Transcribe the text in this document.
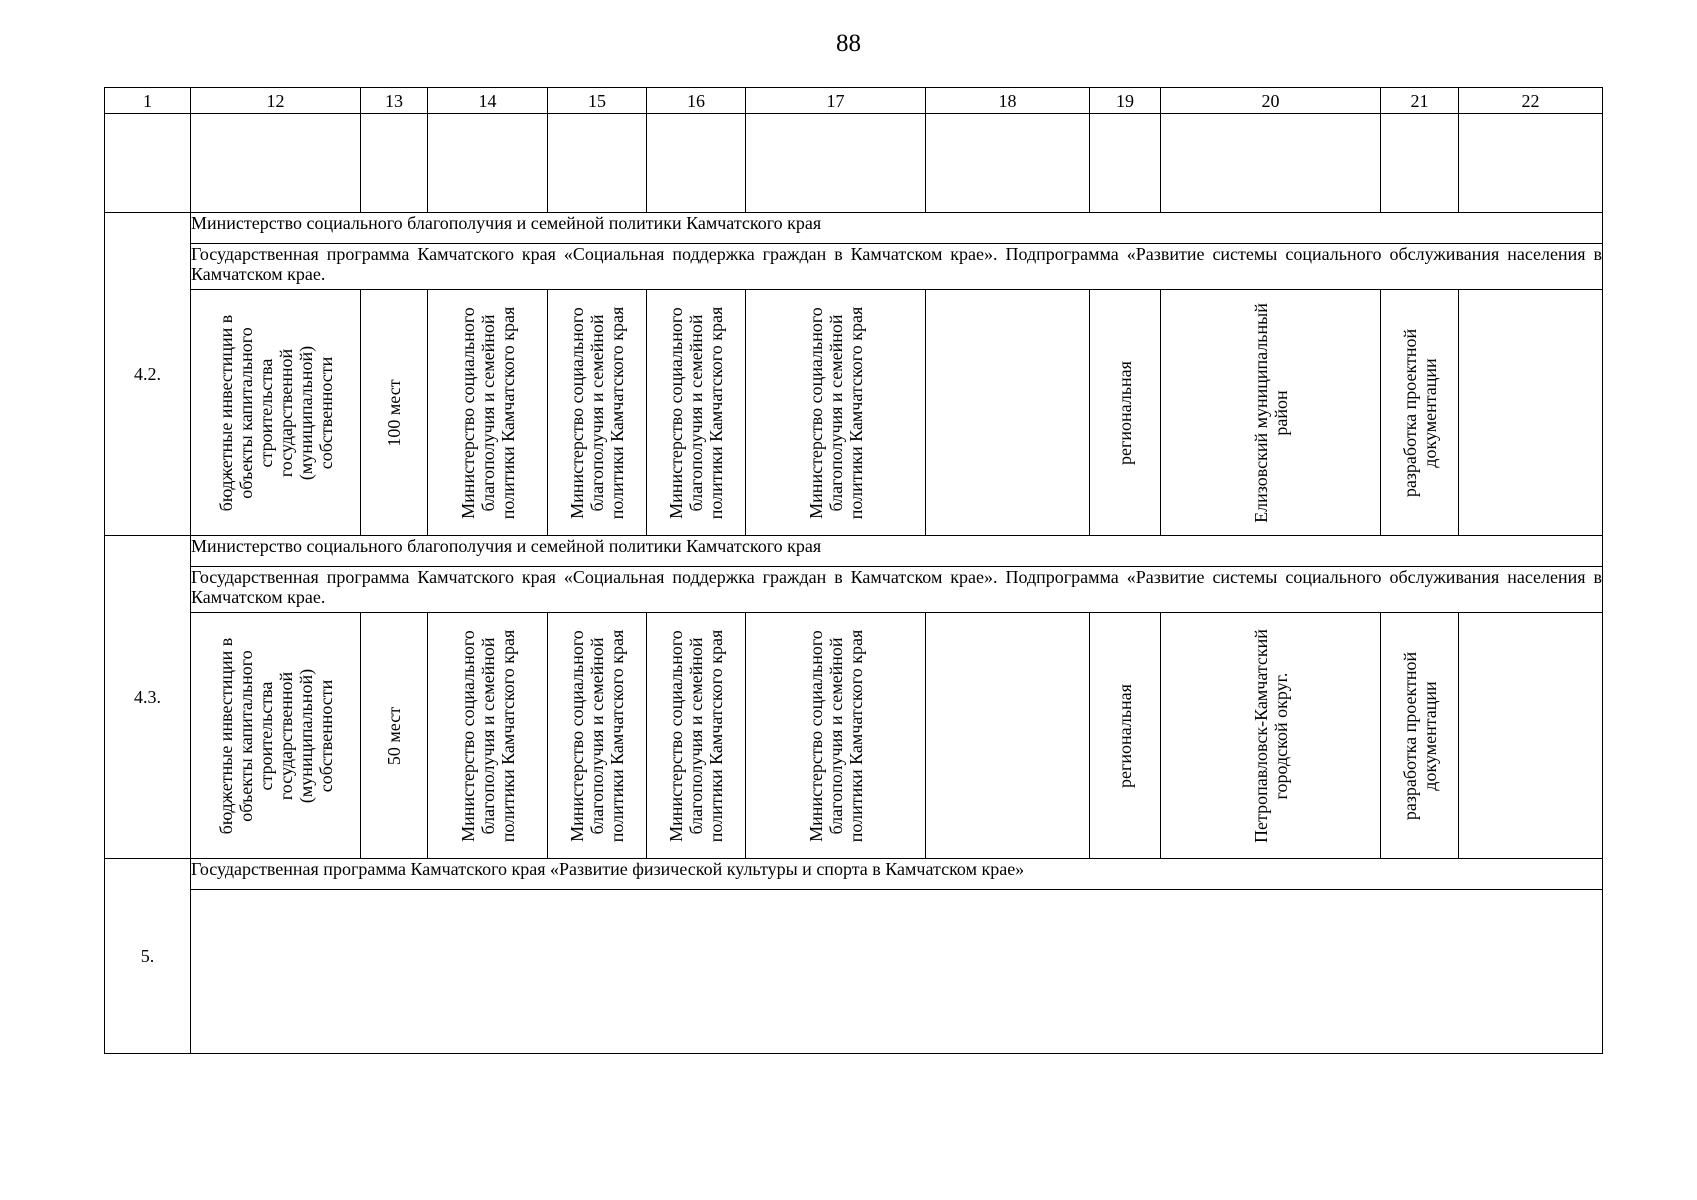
88
1	12	13	14	15	16	17	18	19	20	21	22

4.2.	Министерство социального благополучия и семейной политики Камчатского края										
	Государственная программа Камчатского края «Социальная поддержка граждан в Камчатском крае». Подпрограмма «Развитие системы социального обслуживания населения в Камчатском крае.										

	бюджетные инвестиции в объекты капитального строительства государственной (муниципальной) собственности	100 мест	Министерство социального благополучия и семейной политики Камчатского края	Министерство социального благополучия и семейной политики Камчатского края	Министерство социального благополучия и семейной политики Камчатского края	Министерство социального благополучия и семейной политики Камчатского края		региональная	Елизовский муниципальный район	разработка проектной документации	

4.3.	Министерство социального благополучия и семейной политики Камчатского края										
	Государственная программа Камчатского края «Социальная поддержка граждан в Камчатском крае». Подпрограмма «Развитие системы социального обслуживания населения в Камчатском крае.										

	бюджетные инвестиции в объекты капитального строительства государственной (муниципальной) собственности	50 мест	Министерство социального благополучия и семейной политики Камчатского края	Министерство социального благополучия и семейной политики Камчатского края	Министерство социального благополучия и семейной политики Камчатского края	Министерство социального благополучия и семейной политики Камчатского края		региональная	Петропавловск-Камчатский городской округ.	разработка проектной документации	

5.	Государственная программа Камчатского края «Развитие физической культуры и спорта в Камчатском крае»										
